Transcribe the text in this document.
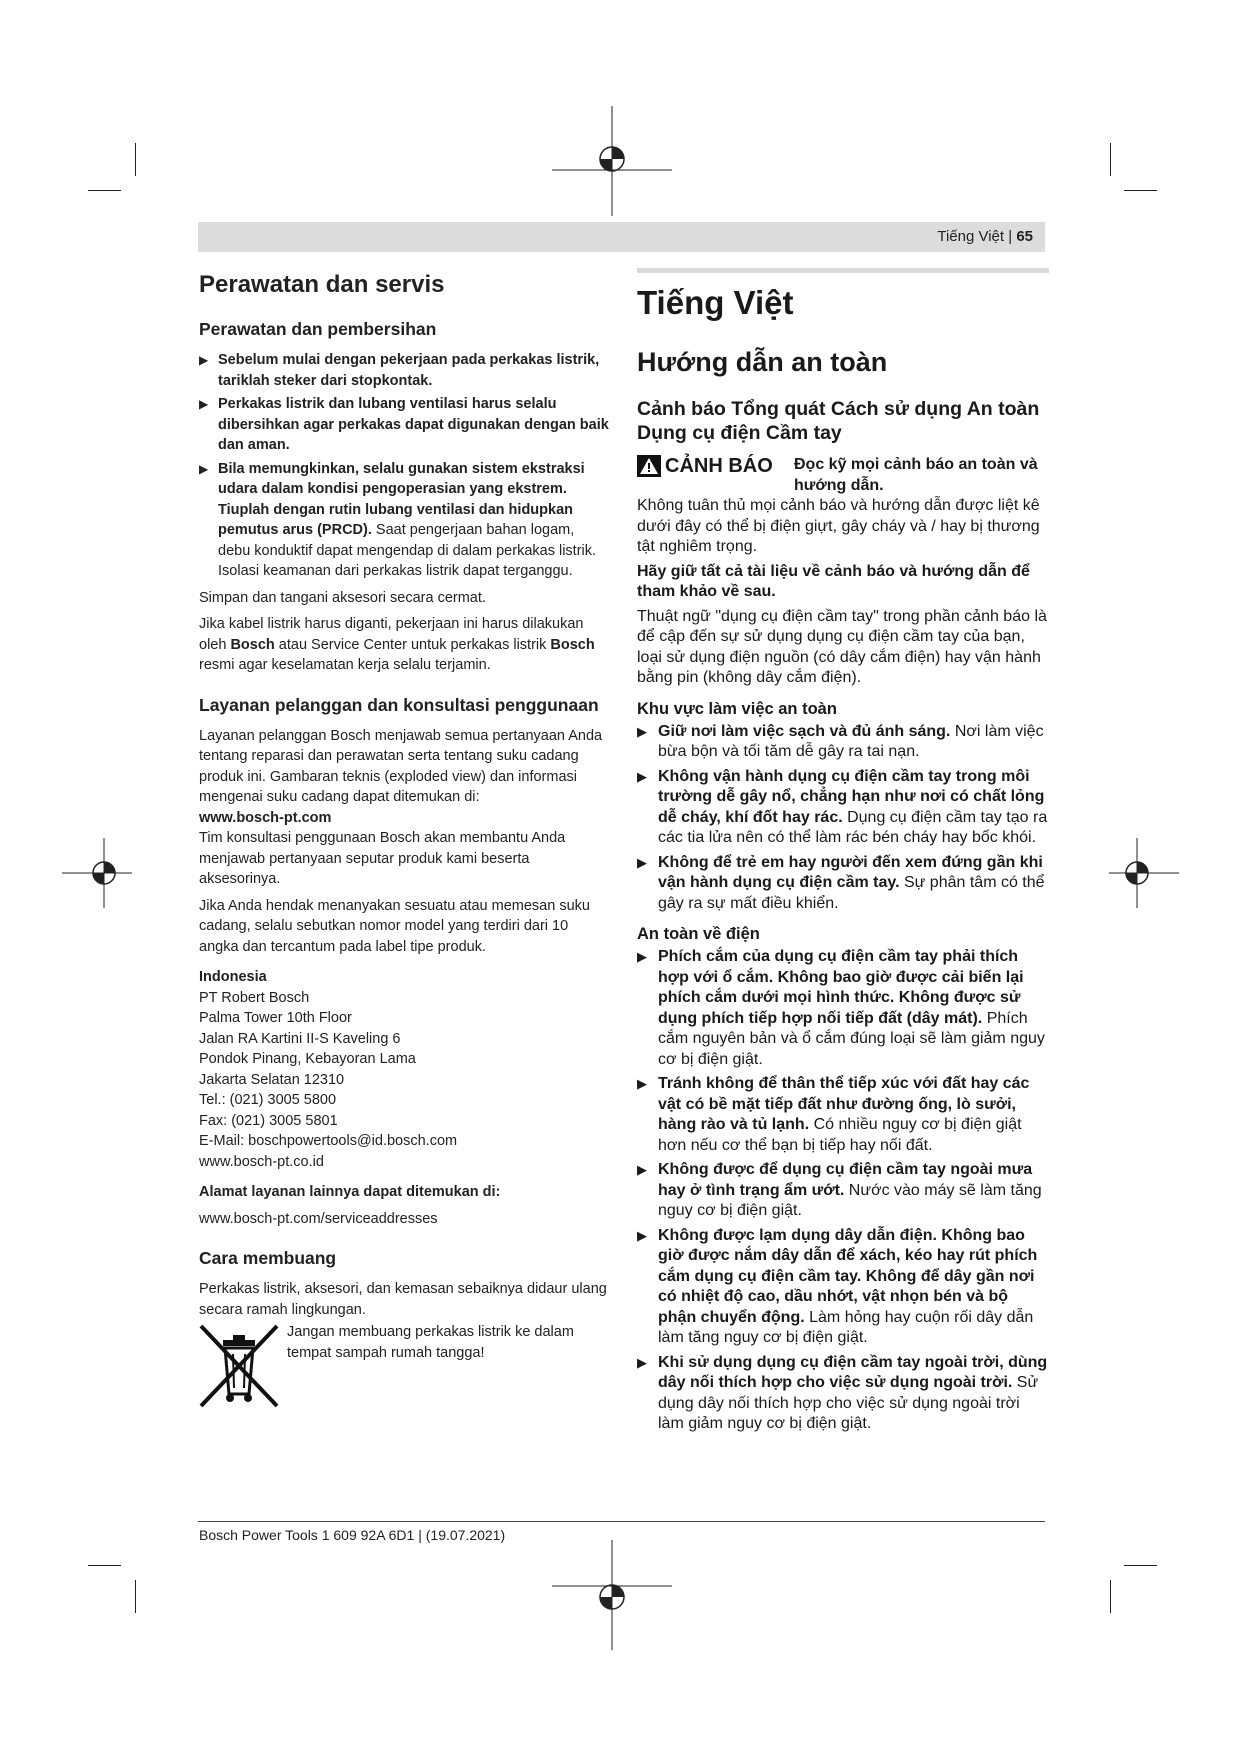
Tiếng Việt | 65
Perawatan dan servis
Perawatan dan pembersihan
▶ Sebelum mulai dengan pekerjaan pada perkakas listrik, tariklah steker dari stopkontak.
▶ Perkakas listrik dan lubang ventilasi harus selalu dibersihkan agar perkakas dapat digunakan dengan baik dan aman.
▶ Bila memungkinkan, selalu gunakan sistem ekstraksi udara dalam kondisi pengoperasian yang ekstrem. Tiuplah dengan rutin lubang ventilasi dan hidupkan pemutus arus (PRCD). Saat pengerjaan bahan logam, debu konduktif dapat mengendap di dalam perkakas listrik. Isolasi keamanan dari perkakas listrik dapat terganggu.

Simpan dan tangani aksesori secara cermat.

Jika kabel listrik harus diganti, pekerjaan ini harus dilakukan oleh Bosch atau Service Center untuk perkakas listrik Bosch resmi agar keselamatan kerja selalu terjamin.

Layanan pelanggan dan konsultasi penggunaan

Layanan pelanggan Bosch menjawab semua pertanyaan Anda tentang reparasi dan perawatan serta tentang suku cadang produk ini. Gambaran teknis (exploded view) dan informasi mengenai suku cadang dapat ditemukan di:

www.bosch-pt.com

Tim konsultasi penggunaan Bosch akan membantu Anda menjawab pertanyaan seputar produk kami beserta aksesorinya.

Jika Anda hendak menanyakan sesuatu atau memesan suku cadang, selalu sebutkan nomor model yang terdiri dari 10 angka dan tercantum pada label tipe produk.

Indonesia

PT Robert Bosch
Palma Tower 10th Floor
Jalan RA Kartini II-S Kaveling 6
Pondok Pinang, Kebayoran Lama
Jakarta Selatan 12310
Tel.: (021) 3005 5800
Fax: (021) 3005 5801
E-Mail: boschpowertools@id.bosch.com
www.bosch-pt.co.id

Alamat layanan lainnya dapat ditemukan di:

www.bosch-pt.com/serviceaddresses

Cara membuang

Perkakas listrik, aksesori, dan kemasan sebaiknya didaur ulang secara ramah lingkungan.

Jangan membuang perkakas listrik ke dalam tempat sampah rumah tangga!

Tiếng Việt
Hướng dẫn an toàn
Cảnh báo Tổng quát Cách sử dụng An toàn Dụng cụ điện Cầm tay
CẢNH BÁO	Đọc kỹ mọi cảnh báo an toàn và hướng dẫn. Không tuân thủ mọi cảnh báo và hướng dẫn được liệt kê dưới đây có thể bị điện giựt, gây cháy và / hay bị thương tật nghiêm trọng.

Hãy giữ tất cả tài liệu về cảnh báo và hướng dẫn để tham khảo về sau.

Thuật ngữ "dụng cụ điện cầm tay" trong phần cảnh báo là để cập đến sự sử dụng dụng cụ điện cầm tay của bạn, loại sử dụng điện nguồn (có dây cắm điện) hay vận hành bằng pin (không dây cắm điện).

Khu vực làm việc an toàn
▶ Giữ nơi làm việc sạch và đủ ánh sáng. Nơi làm việc bừa bộn và tối tăm dễ gây ra tai nạn.
▶ Không vận hành dụng cụ điện cầm tay trong môi trường dễ gây nổ, chẳng hạn như nơi có chất lỏng dễ cháy, khí đốt hay rác. Dụng cụ điện cầm tay tạo ra các tia lửa nên có thể làm rác bén cháy hay bốc khói.
▶ Không để trẻ em hay người đến xem đứng gần khi vận hành dụng cụ điện cầm tay. Sự phân tâm có thể gây ra sự mất điều khiển.
An toàn về điện
▶ Phích cắm của dụng cụ điện cầm tay phải thích hợp với ổ cắm. Không bao giờ được cải biến lại phích cắm dưới mọi hình thức. Không được sử dụng phích tiếp hợp nối tiếp đất (dây mát). Phích cắm nguyên bản và ổ cắm đúng loại sẽ làm giảm nguy cơ bị điện giật.
▶ Tránh không để thân thể tiếp xúc với đất hay các vật có bề mặt tiếp đất như đường ống, lò sưởi, hàng rào và tủ lạnh. Có nhiều nguy cơ bị điện giật hơn nếu cơ thể bạn bị tiếp hay nối đất.
▶ Không được để dụng cụ điện cầm tay ngoài mưa hay ở tình trạng ẩm ướt. Nước vào máy sẽ làm tăng nguy cơ bị điện giật.
▶ Không được lạm dụng dây dẫn điện. Không bao giờ được nắm dây dẫn để xách, kéo hay rút phích cắm dụng cụ điện cầm tay. Không để dây gần nơi có nhiệt độ cao, dầu nhớt, vật nhọn bén và bộ phận chuyển động. Làm hỏng hay cuộn rối dây dẫn làm tăng nguy cơ bị điện giật.
▶ Khi sử dụng dụng cụ điện cầm tay ngoài trời, dùng dây nối thích hợp cho việc sử dụng ngoài trời. Sử dụng dây nối thích hợp cho việc sử dụng ngoài trời làm giảm nguy cơ bị điện giật.
Bosch Power Tools 1 609 92A 6D1 | (19.07.2021)
